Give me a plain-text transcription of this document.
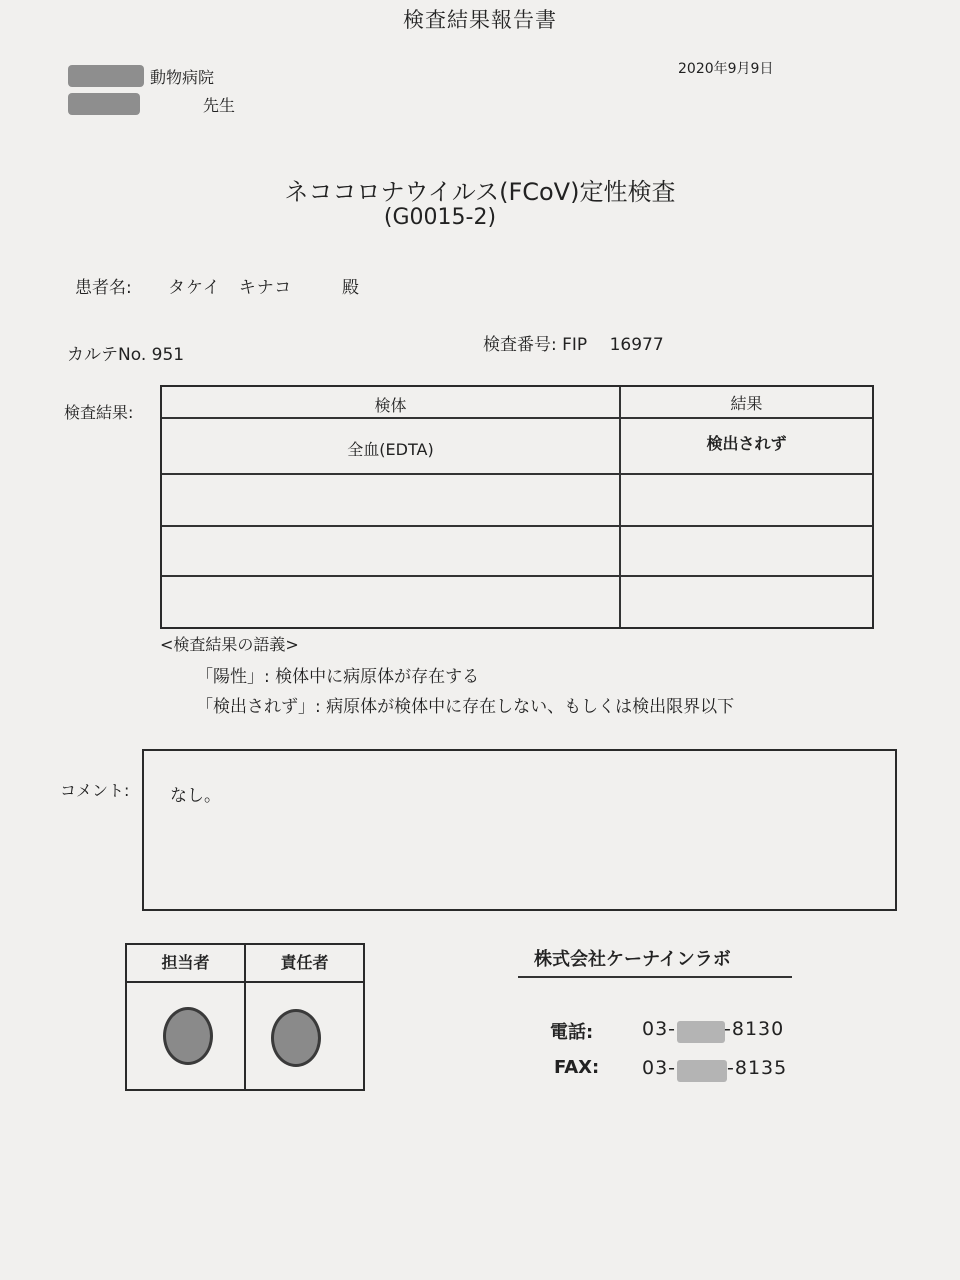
検査結果報告書
動物病院
先生
2020年9月9日
ネココロナウイルス(FCoV)定性検査
(G0015-2)
患者名: タケイ　キナコ	殿
カルテNo. 951	検査番号: FIP　 16977
検査結果:	検体	結果
全血(EDTA)	検出されず
<検査結果の語義>
「陽性」: 検体中に病原体が存在する
「検出されず」: 病原体が検体中に存在しない、もしくは検出限界以下
コメント: なし。
担当者	責任者	株式会社ケーナインラボ
電話:	03-	-8130
FAX: 03-	-8135
